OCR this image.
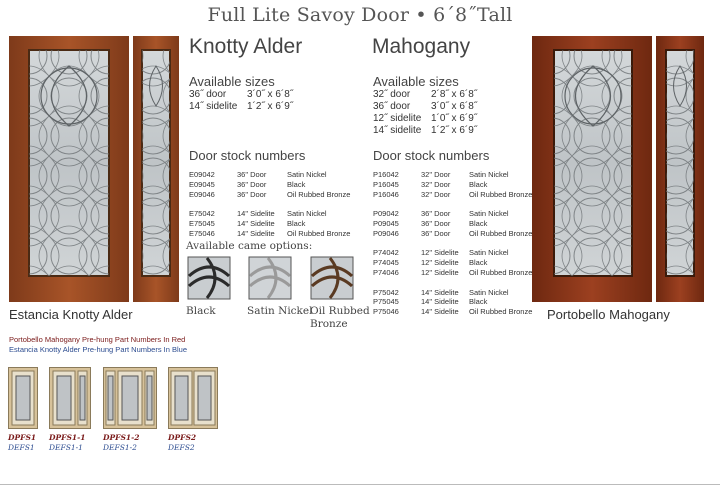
Full Lite Savoy Door • 6´8˝Tall
Estancia Knotty Alder	Portobello Mahogany
Knotty Alder
Available sizes
36˝ door	3´0˝ x 6´8˝
14˝ sidelite 1´2˝ x 6´9˝
Door stock numbers
E09042	36" Door	Satin Nickel
E09045	36" Door	Black
E09046	36" Door	Oil Rubbed Bronze
E75042	14" Sidelite	Satin Nickel
E75045	14" Sidelite	Black
E75046	14" Sidelite	Oil Rubbed Bronze
Available came options:
Black	Satin Nickel
Oil Rubbed
Bronze
Mahogany
Available sizes
32˝ door	2´8˝ x 6´8˝
36˝ door	3´0˝ x 6´8˝
12˝ sidelite 1´0˝ x 6´9˝
14˝ sidelite 1´2˝ x 6´9˝
Door stock numbers
P16042	32" Door	Satin Nickel
P16045	32" Door	Black
P16046	32" Door	Oil Rubbed Bronze
P09042	36" Door	Satin Nickel
P09045	36" Door	Black
P09046	36" Door	Oil Rubbed Bronze
P74042	12" Sidelite	Satin Nickel
P74045	12" Sidelite	Black
P74046	12" Sidelite	Oil Rubbed Bronze
P75042	14" Sidelite	Satin Nickel
P75045	14" Sidelite	Black
P75046	14" Sidelite	Oil Rubbed Bronze
Portobello Mahogany Pre-hung Part Numbers In Red
Estancia Knotty Alder Pre-hung Part Numbers In Blue
DPFS1
DEFS1
DPFS1-1
DEFS1-1
DPFS1-2
DEFS1-2
DPFS2
DEFS2
